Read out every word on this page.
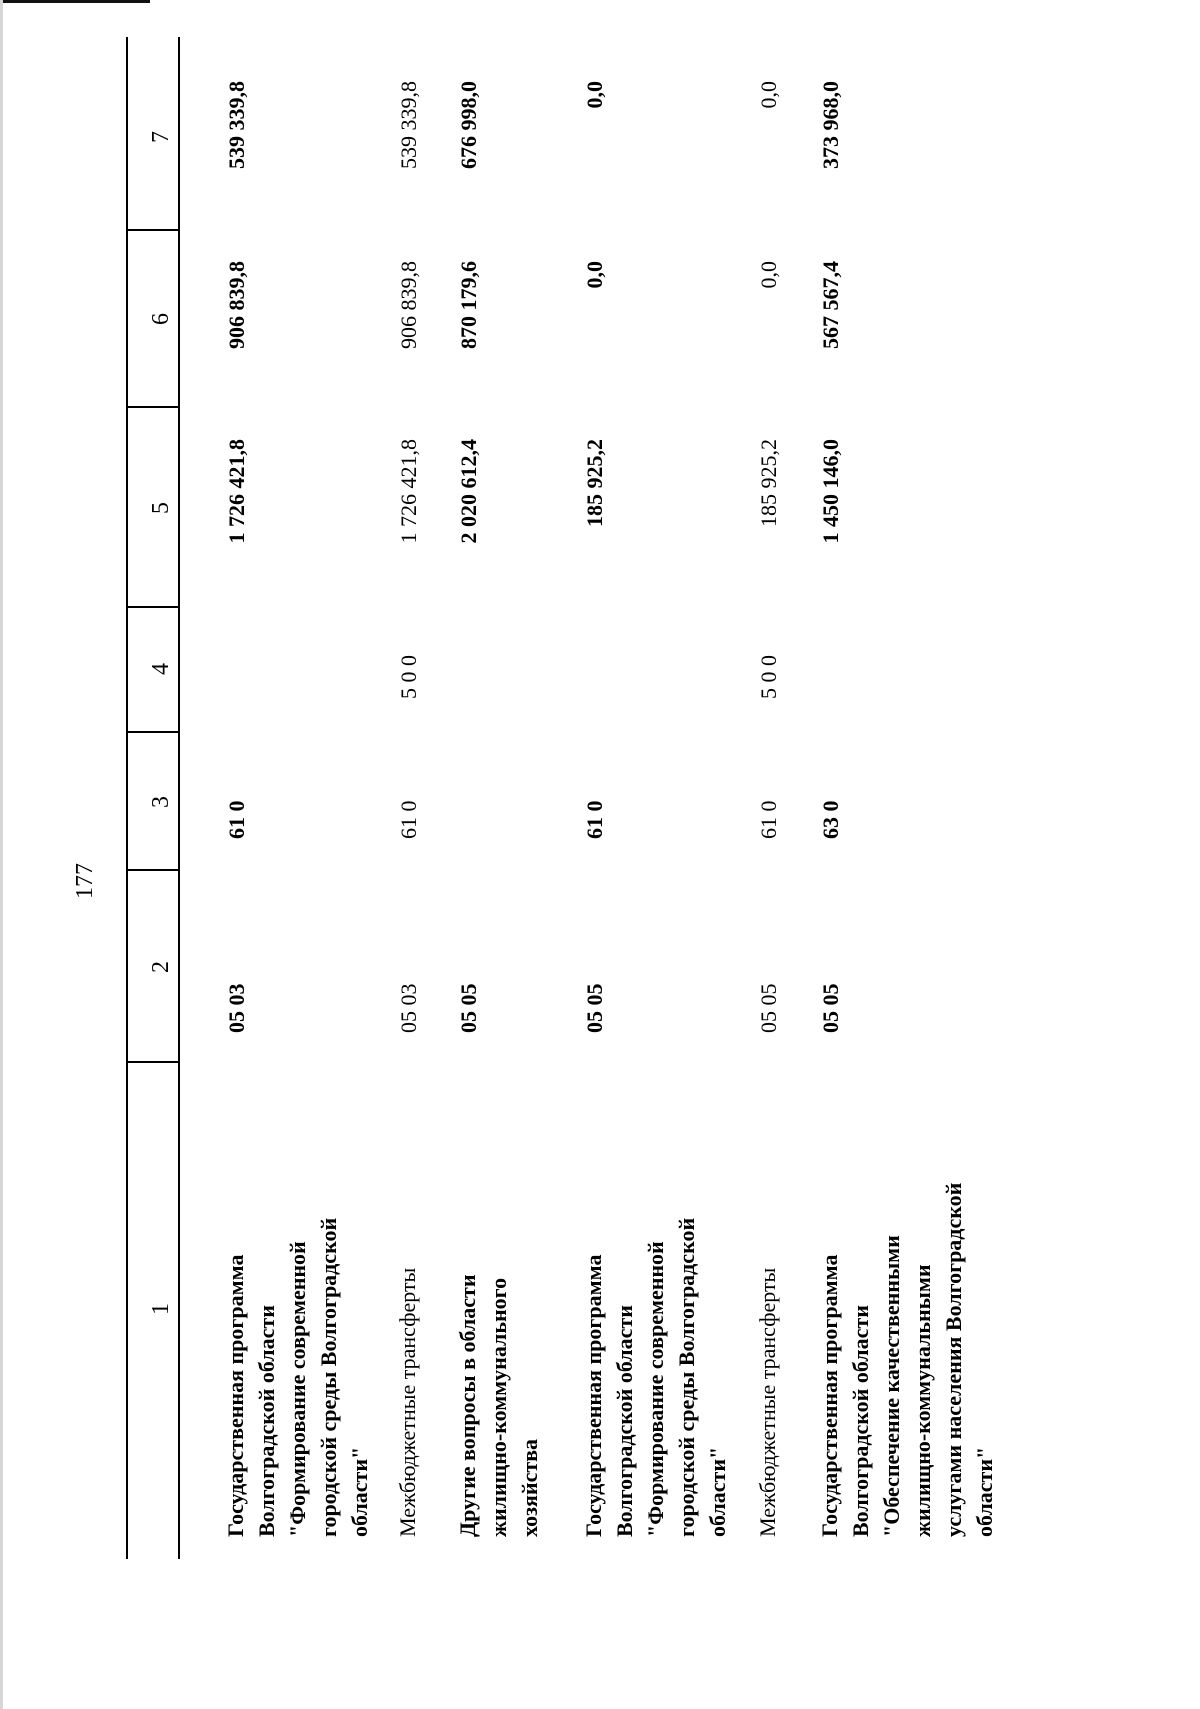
177
1
2
3
4
5
6
7
Государственная программа Волгоградской области "Формирование современной городской среды Волгоградской области"
05 03
61 0
1 726 421,8
906 839,8
539 339,8
Межбюджетные трансферты
05 03
61 0
5 0 0
1 726 421,8
906 839,8
539 339,8
Другие вопросы в области жилищно-коммунального хозяйства
05 05
2 020 612,4
870 179,6
676 998,0
Государственная программа Волгоградской области "Формирование современной городской среды Волгоградской области"
05 05
61 0
185 925,2
0,0
0,0
Межбюджетные трансферты
05 05
61 0
5 0 0
185 925,2
0,0
0,0
Государственная программа Волгоградской области "Обеспечение качественными жилищно-коммунальными услугами населения Волгоградской области"
05 05
63 0
1 450 146,0
567 567,4
373 968,0
